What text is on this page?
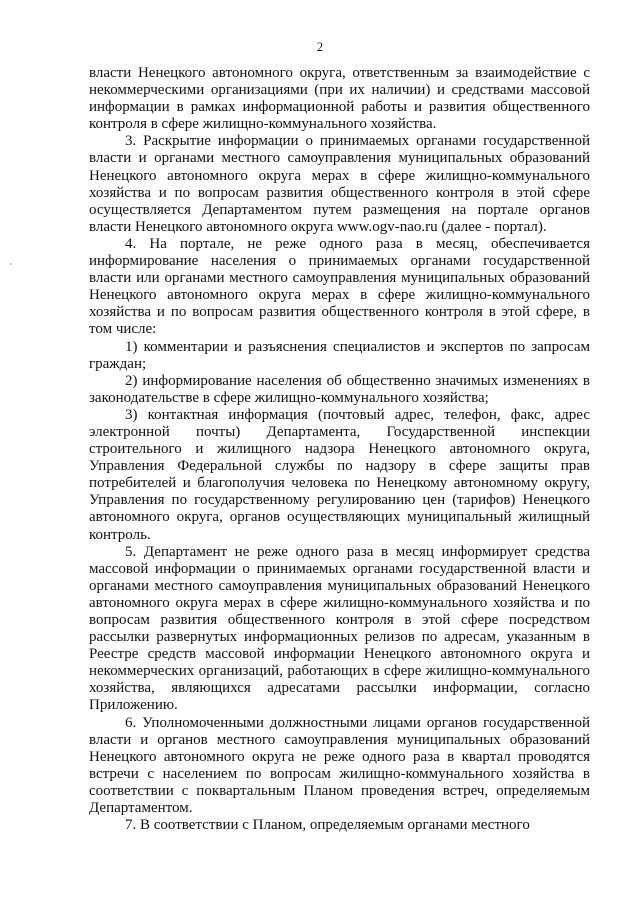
2

власти Ненецкого автономного округа, ответственным за взаимодействие с некоммерческими организациями (при их наличии) и средствами массовой информации в рамках информационной работы и развития общественного контроля в сфере жилищно-коммунального хозяйства.

3. Раскрытие информации о принимаемых органами государственной власти и органами местного самоуправления муниципальных образований Ненецкого автономного округа мерах в сфере жилищно-коммунального хозяйства и по вопросам развития общественного контроля в этой сфере осуществляется Департаментом путем размещения на портале органов власти Ненецкого автономного округа www.ogv-nao.ru (далее - портал).

4. На портале, не реже одного раза в месяц, обеспечивается информирование населения о принимаемых органами государственной власти или органами местного самоуправления муниципальных образований Ненецкого автономного округа мерах в сфере жилищно-коммунального хозяйства и по вопросам развития общественного контроля в этой сфере, в том числе:

1) комментарии и разъяснения специалистов и экспертов по запросам граждан;

2) информирование населения об общественно значимых изменениях в законодательстве в сфере жилищно-коммунального хозяйства;

3) контактная информация (почтовый адрес, телефон, факс, адрес электронной почты) Департамента, Государственной инспекции строительного и жилищного надзора Ненецкого автономного округа, Управления Федеральной службы по надзору в сфере защиты прав потребителей и благополучия человека по Ненецкому автономному округу, Управления по государственному регулированию цен (тарифов) Ненецкого автономного округа, органов осуществляющих муниципальный жилищный контроль.

5. Департамент не реже одного раза в месяц информирует средства массовой информации о принимаемых органами государственной власти и органами местного самоуправления муниципальных образований Ненецкого автономного округа мерах в сфере жилищно-коммунального хозяйства и по вопросам развития общественного контроля в этой сфере посредством рассылки развернутых информационных релизов по адресам, указанным в Реестре средств массовой информации Ненецкого автономного округа и некоммерческих организаций, работающих в сфере жилищно-коммунального хозяйства, являющихся адресатами рассылки информации, согласно Приложению.

6. Уполномоченными должностными лицами органов государственной власти и органов местного самоуправления муниципальных образований Ненецкого автономного округа не реже одного раза в квартал проводятся встречи с населением по вопросам жилищно-коммунального хозяйства в соответствии с поквартальным Планом проведения встреч, определяемым Департаментом.

7. В соответствии с Планом, определяемым органами местного
